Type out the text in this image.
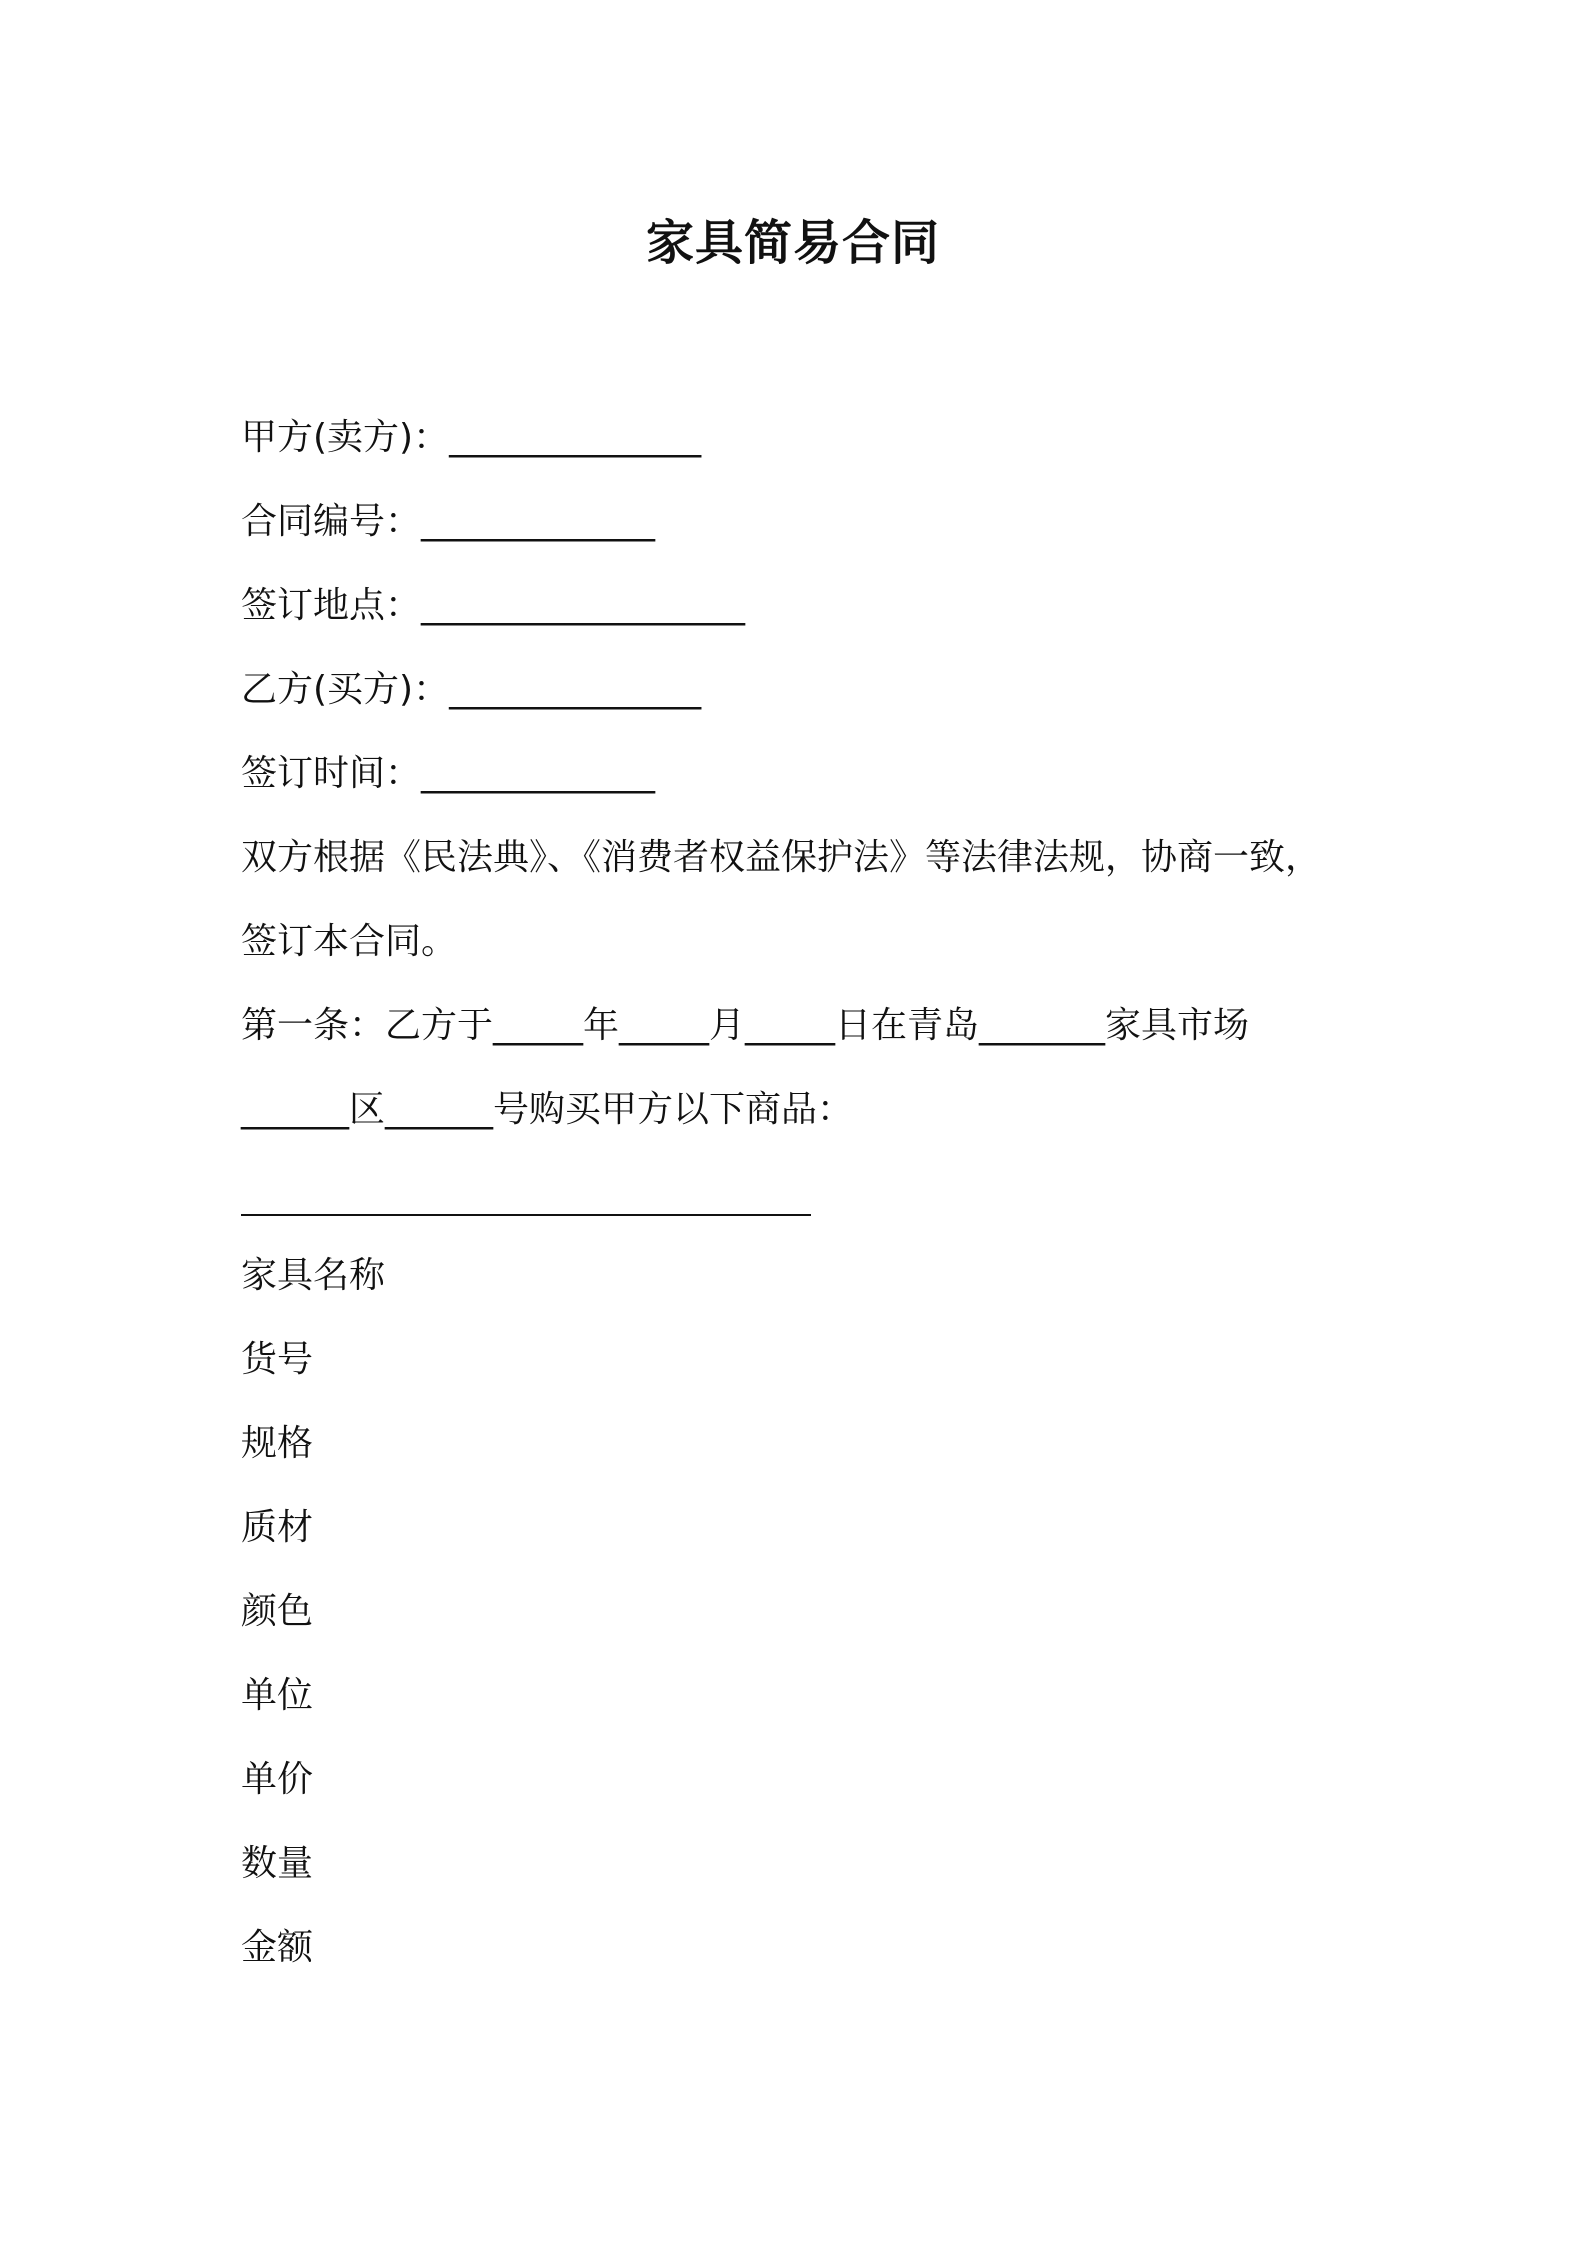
家具简易合同
甲方(卖方)：______________
合同编号：_____________
签订地点：__________________
乙方(买方)：______________
签订时间：_____________
双方根据《民法典》、《消费者权益保护法》等法律法规，协商一致，
签订本合同。
第一条：乙方于_____年_____月_____日在青岛_______家具市场
______区______号购买甲方以下商品：
家具名称
货号
规格
质材
颜色
单位
单价
数量
金额
